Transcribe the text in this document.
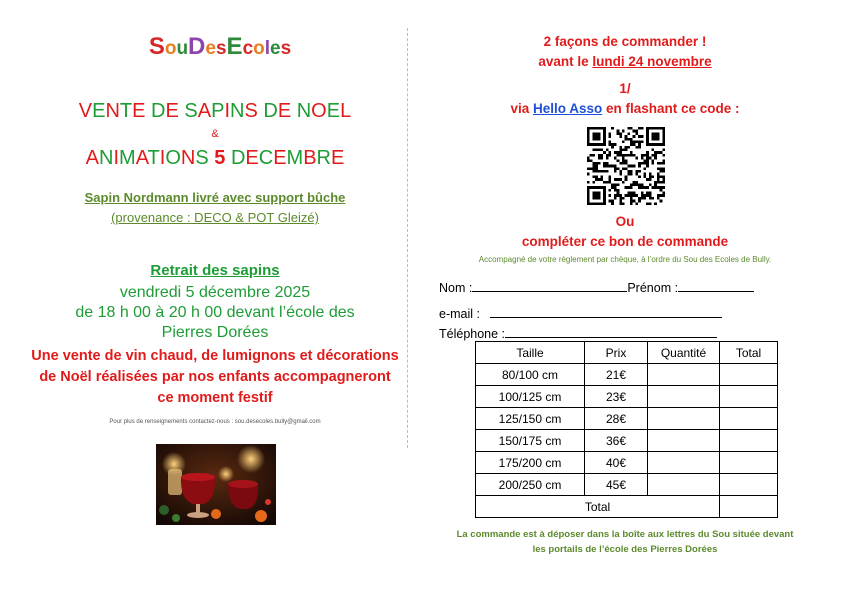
SouDesEcoles
VENTE DE SAPINS DE NOEL
&
ANIMATIONS 5 DECEMBRE
Sapin Nordmann livré avec support bûche
(provenance : DECO & POT Gleizé)
Retrait des sapins
vendredi 5 décembre 2025
de 18 h 00 à 20 h 00 devant l’école des
Pierres Dorées
Une vente de vin chaud, de lumignons et décorations de Noël réalisées par nos enfants accompagneront ce moment festif
Pour plus de renseignements contactez-nous : sou.desecoles.bully@gmail.com
2 façons de commander !
avant le lundi 24 novembre
1/
via Hello Asso en flashant ce code :
Ou
compléter ce bon de commande
Accompagné de votre règlement par chèque, à l’ordre du Sou des Ecoles de Bully.
Nom :	Prénom :
e-mail :
Téléphone :
Taille	Prix	Quantité	Total
80/100 cm	21€		
100/125 cm	23€		
125/150 cm	28€		
150/175 cm	36€		
175/200 cm	40€		
200/250 cm	45€		
Total			
La commande est à déposer dans la boîte aux lettres du Sou située devant
les portails de l’école des Pierres Dorées
